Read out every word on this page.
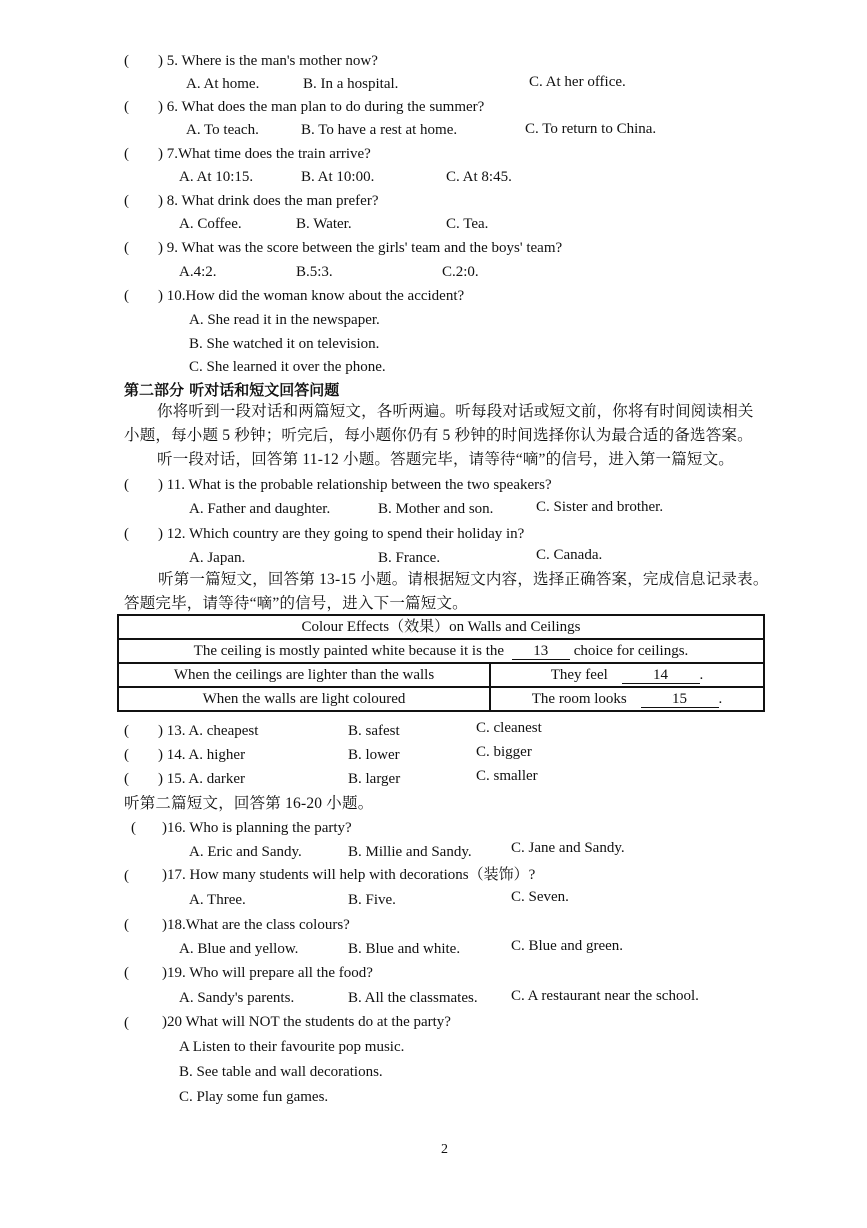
( ) 5. Where is the man's mother now?
A. At home.	B. In a hospital.	C. At her office.
( ) 6. What does the man plan to do during the summer?
A. To teach.	B. To have a rest at home.	C. To return to China.
( ) 7.What time does the train arrive?
A. At 10:15.	B. At 10:00.	C. At 8:45.
( ) 8. What drink does the man prefer?
A. Coffee.	B. Water.	C. Tea.
( ) 9. What was the score between the girls' team and the boys' team?
A.4:2.	B.5:3.	C.2:0.
( ) 10.How did the woman know about the accident?
A. She read it in the newspaper.
B. She watched it on television.
C. She learned it over the phone.
第二部分 听对话和短文回答问题
你将听到一段对话和两篇短文，各听两遍。听每段对话或短文前，你将有时间阅读相关
小题，每小题 5 秒钟；听完后，每小题你仍有 5 秒钟的时间选择你认为最合适的备选答案。
听一段对话，回答第 11-12 小题。答题完毕，请等待“嘀”的信号，进入第一篇短文。
( ) 11. What is the probable relationship between the two speakers?
A. Father and daughter.	B. Mother and son.	C. Sister and brother.
( ) 12. Which country are they going to spend their holiday in?
A. Japan.	B. France.	C. Canada.
听第一篇短文，回答第 13-15 小题。请根据短文内容，选择正确答案，完成信息记录表。
答题完毕，请等待“嘀”的信号，进入下一篇短文。
Colour Effects（效果）on Walls and Ceilings	
The ceiling is mostly painted white because it is the 13 choice for ceilings.	
When the ceilings are lighter than the walls	They feel 14 .
When the walls are light coloured	The room looks 15 .
( ) 13. A. cheapest	B. safest	C. cleanest
( ) 14. A. higher	B. lower	C. bigger
( ) 15. A. darker	B. larger	C. smaller
听第二篇短文，回答第 16-20 小题。
( )16. Who is planning the party?
A. Eric and Sandy.	B. Millie and Sandy.	C. Jane and Sandy.
( )17. How many students will help with decorations（装饰）?
A. Three.	B. Five.	C. Seven.
( )18.What are the class colours?
A. Blue and yellow.	B. Blue and white.	C. Blue and green.
( )19. Who will prepare all the food?
A. Sandy's parents.	B. All the classmates. C. A restaurant near the school.
( )20 What will NOT the students do at the party?
A Listen to their favourite pop music.
B. See table and wall decorations.
C. Play some fun games.
2
